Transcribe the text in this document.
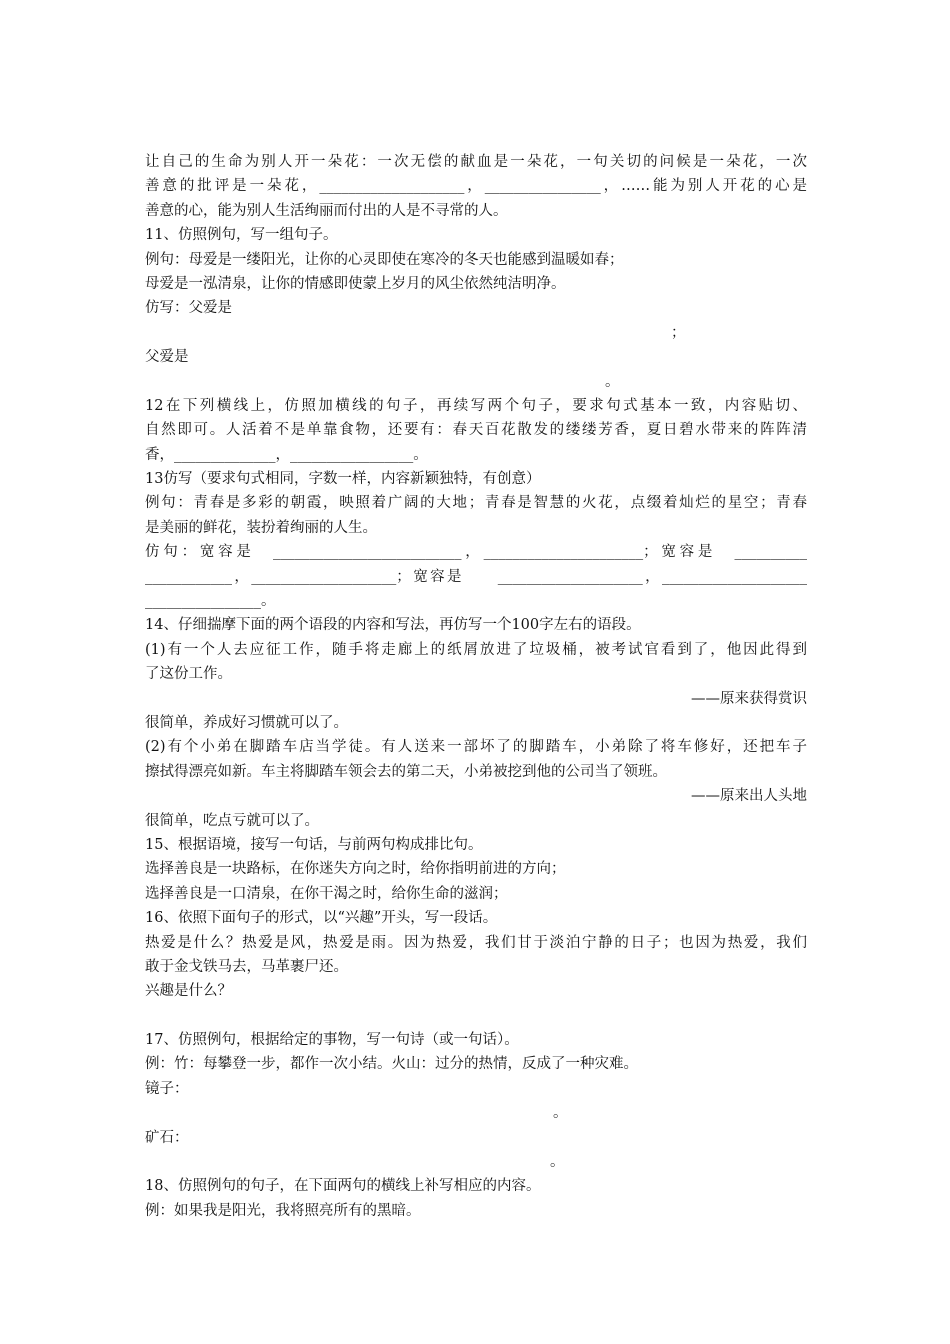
让自己的生命为别人开一朵花：一次无偿的献血是一朵花，一句关切的问候是一朵花，一次
善意的批评是一朵花，____________________，________________，……能为别人开花的心是
善意的心，能为别人生活绚丽而付出的人是不寻常的人。
11、仿照例句，写一组句子。
例句：母爱是一缕阳光，让你的心灵即使在寒冷的冬天也能感到温暖如春；
母爱是一泓清泉，让你的情感即使蒙上岁月的风尘依然纯洁明净。
仿写：父爱是
；
父爱是
。
12在下列横线上，仿照加横线的句子，再续写两个句子，要求句式基本一致，内容贴切、
自然即可。人活着不是单靠食物，还要有：春天百花散发的缕缕芳香，夏日碧水带来的阵阵清
香，______________，_________________。
13仿写（要求句式相同，字数一样，内容新颖独特，有创意）
例句：青春是多彩的朝霞，映照着广阔的大地；青春是智慧的火花，点缀着灿烂的星空；青春
是美丽的鲜花，装扮着绚丽的人生。
仿句：宽容是　__________________________，______________________；宽容是　__________
____________，____________________；宽容是　　____________________，____________________
________________。
14、仔细揣摩下面的两个语段的内容和写法，再仿写一个100字左右的语段。
(1)有一个人去应征工作，随手将走廊上的纸屑放进了垃圾桶，被考试官看到了，他因此得到
了这份工作。
——原来获得赏识
很简单，养成好习惯就可以了。
(2)有个小弟在脚踏车店当学徒。有人送来一部坏了的脚踏车，小弟除了将车修好，还把车子
擦拭得漂亮如新。车主将脚踏车领会去的第二天，小弟被挖到他的公司当了领班。
——原来出人头地
很简单，吃点亏就可以了。
15、根据语境，接写一句话，与前两句构成排比句。
选择善良是一块路标，在你迷失方向之时，给你指明前进的方向；
选择善良是一口清泉，在你干渴之时，给你生命的滋润；
16、依照下面句子的形式，以“兴趣”开头，写一段话。
热爱是什么？热爱是风，热爱是雨。因为热爱，我们甘于淡泊宁静的日子；也因为热爱，我们
敢于金戈铁马去，马革裹尸还。
兴趣是什么？
17、仿照例句，根据给定的事物，写一句诗（或一句话）。
例：竹：每攀登一步，都作一次小结。火山：过分的热情，反成了一种灾难。
镜子：
。
矿石：
。
18、仿照例句的句子，在下面两句的横线上补写相应的内容。
例：如果我是阳光，我将照亮所有的黑暗。
